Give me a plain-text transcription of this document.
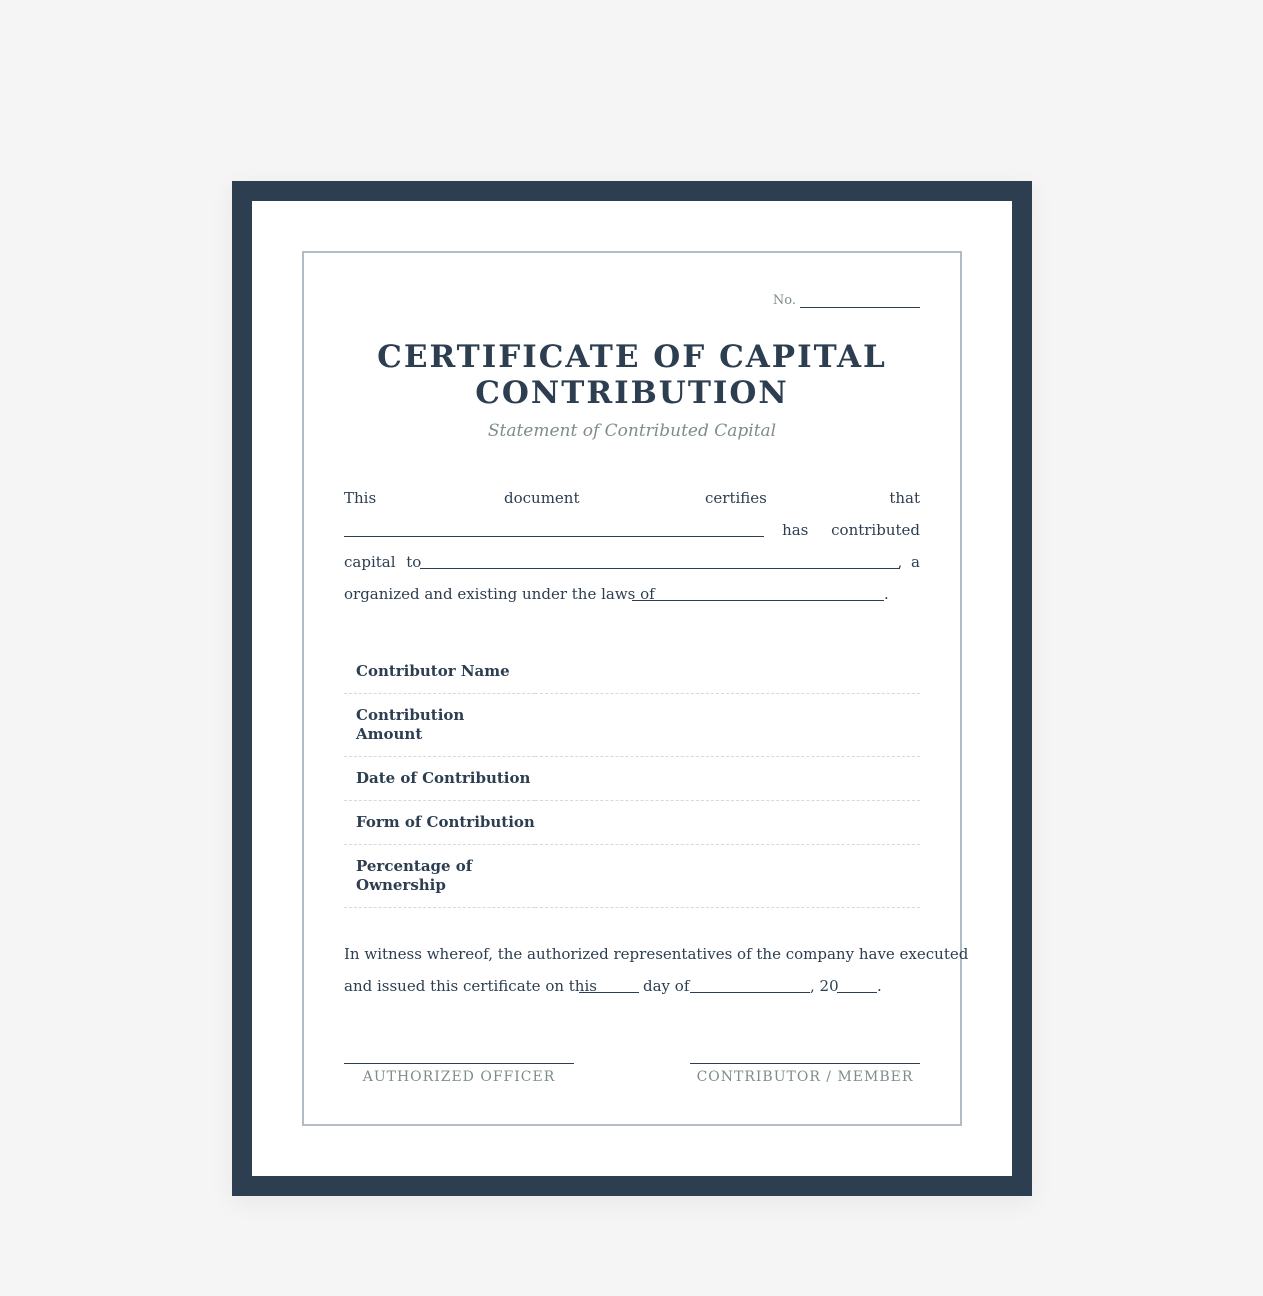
No.
CERTIFICATE OF CAPITAL CONTRIBUTION
Statement of Contributed Capital
This	document	certifies	that
has contributed
capital to	, a
organized and existing under the laws of	.
Contributor Name	
Contribution Amount	
Date of Contribution	
Form of Contribution	
Percentage of Ownership	
In witness whereof, the authorized representatives of the company have executed
and issued this certificate on this	day of	, 20	.
AUTHORIZED OFFICER	CONTRIBUTOR / MEMBER
